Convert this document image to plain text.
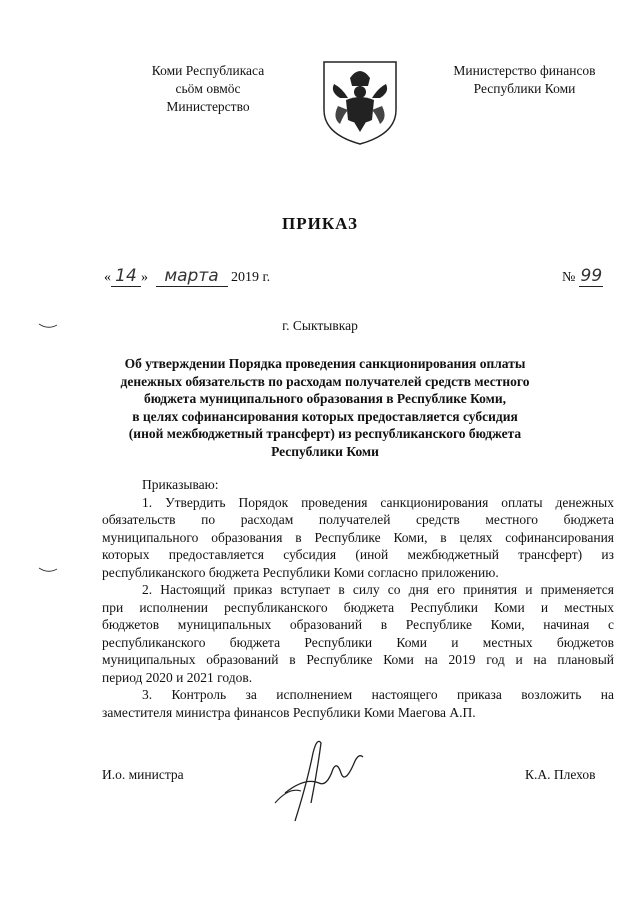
Коми Республикаса
сьӧм овмӧс
Министерство
Министерство финансов
Республики Коми
ПРИКАЗ
« 14 » марта 2019 г.	№ 99
г. Сыктывкар
Об утверждении Порядка проведения санкционирования оплаты
денежных обязательств по расходам получателей средств местного
бюджета муниципального образования в Республике Коми,
в целях софинансирования которых предоставляется субсидия
(иной межбюджетный трансферт) из республиканского бюджета
Республики Коми
Приказываю:
1. Утвердить Порядок проведения санкционирования оплаты денежных
обязательств по расходам получателей средств местного бюджета
муниципального образования в Республике Коми, в целях софинансирования
которых предоставляется субсидия (иной межбюджетный трансферт) из
республиканского бюджета Республики Коми согласно приложению.
2. Настоящий приказ вступает в силу со дня его принятия и применяется
при исполнении республиканского бюджета Республики Коми и местных
бюджетов муниципальных образований в Республике Коми, начиная с
республиканского бюджета Республики Коми и местных бюджетов
муниципальных образований в Республике Коми на 2019 год и на плановый
период 2020 и 2021 годов.
3. Контроль за исполнением настоящего приказа возложить на
заместителя министра финансов Республики Коми Маегова А.П.
И.о. министра	К.А. Плехов
